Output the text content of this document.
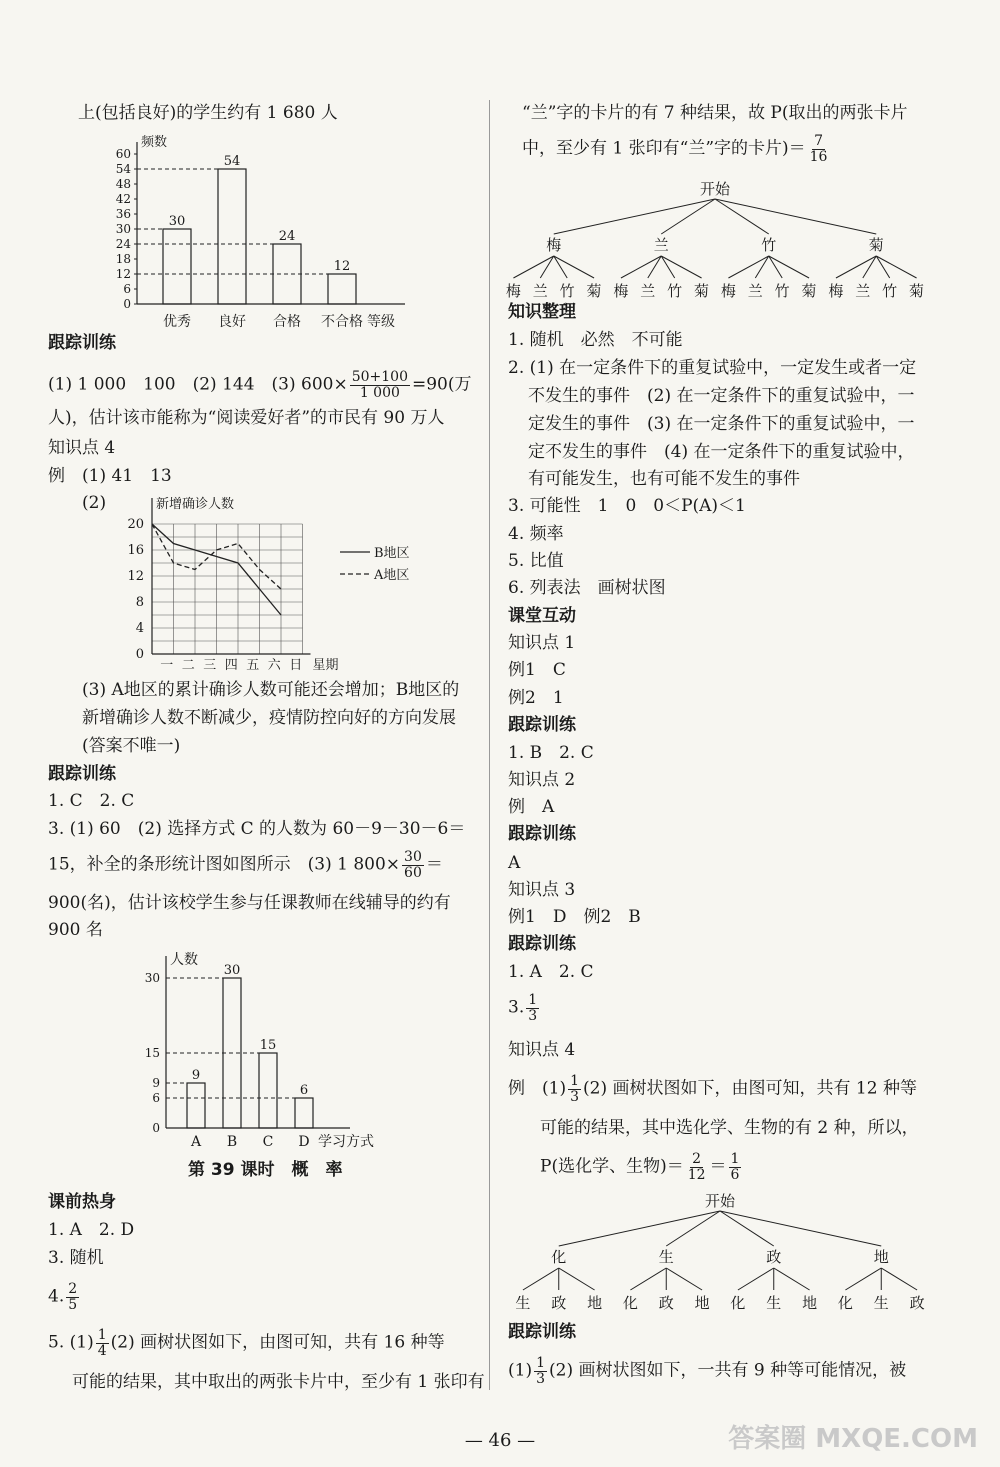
上(包括良好)的学生约有 1 680 人
频数
等级
60
54
48
42
36
30
24
18
12
6
0
30
优秀
54
良好
24
合格
12
不合格
跟踪训练
(1) 1 000　100　(2) 144　(3) $600\times \frac{50+100}{1 000} =90$(万
人)，估计该市能称为“阅读爱好者”的市民有 90 万人
知识点 4
例　(1) 41　13
(2)	新增确诊人数
20
16
12
8
4
0
一 二 三 四 五 六 日 星期
B地区
A地区
(3) A地区的累计确诊人数可能还会增加；B地区的
新增确诊人数不断减少，疫情防控向好的方向发展
(答案不唯一)
跟踪训练
1. C　2. C
3. (1) 60　(2) 选择方式 C 的人数为 60－9－30－6＝
15，补全的条形统计图如图所示　(3) 1 $800\times \frac{30}{60}$ ＝
900(名)，估计该校学生参与任课教师在线辅导的约有
900 名
人数
学习方式
30
15
9
6
0
9
A
30
B
15
C
6
D
第 39 课时　概　率
课前热身
1. A　2. D
3. 随机
4. $\frac{2}{5}$
5. $(1) \frac{1}{4} (2)$ 画树状图如下，由图可知，共有 16 种等
可能的结果，其中取出的两张卡片中，至少有 1 张印有
“兰”字的卡片的有 7 种结果，故 P(取出的两张卡片
中，至少有 1 张印有“兰”字的卡片)＝ $\frac{7}{16}$
开始
梅
梅 兰 竹 菊
兰
梅 兰 竹 菊
竹
梅 兰 竹 菊
菊
梅 兰 竹 菊
知识整理
1. 随机　必然　不可能
2. (1) 在一定条件下的重复试验中，一定发生或者一定
不发生的事件　(2) 在一定条件下的重复试验中，一
定发生的事件　(3) 在一定条件下的重复试验中，一
定不发生的事件　(4) 在一定条件下的重复试验中，
有可能发生，也有可能不发生的事件
3. 可能性　1　0　0＜P(A)＜1
4. 频率
5. 比值
6. 列表法　画树状图
课堂互动
知识点 1
例1　C
例2　1
跟踪训练
1. B　2. C
知识点 2
例　A
跟踪训练
A
知识点 3
例1　D　例2　B
跟踪训练
1. A　2. C
3. $\frac{1}{3}$
知识点 4
例　$(1) \frac{1}{3} (2)$ 画树状图如下，由图可知，共有 12 种等
可能的结果，其中选化学、生物的有 2 种，所以，
P(选化学、生物)＝ $\frac{2}{12} = \frac{1}{6}$
开始
化
生 政 地
生
化 政 地
政
化 生 地
地
化 生 政
跟踪训练
$(1) \frac{1}{3} (2)$ 画树状图如下，一共有 9 种等可能情况，被
— 46 —	答案圈 MXQE.COM
